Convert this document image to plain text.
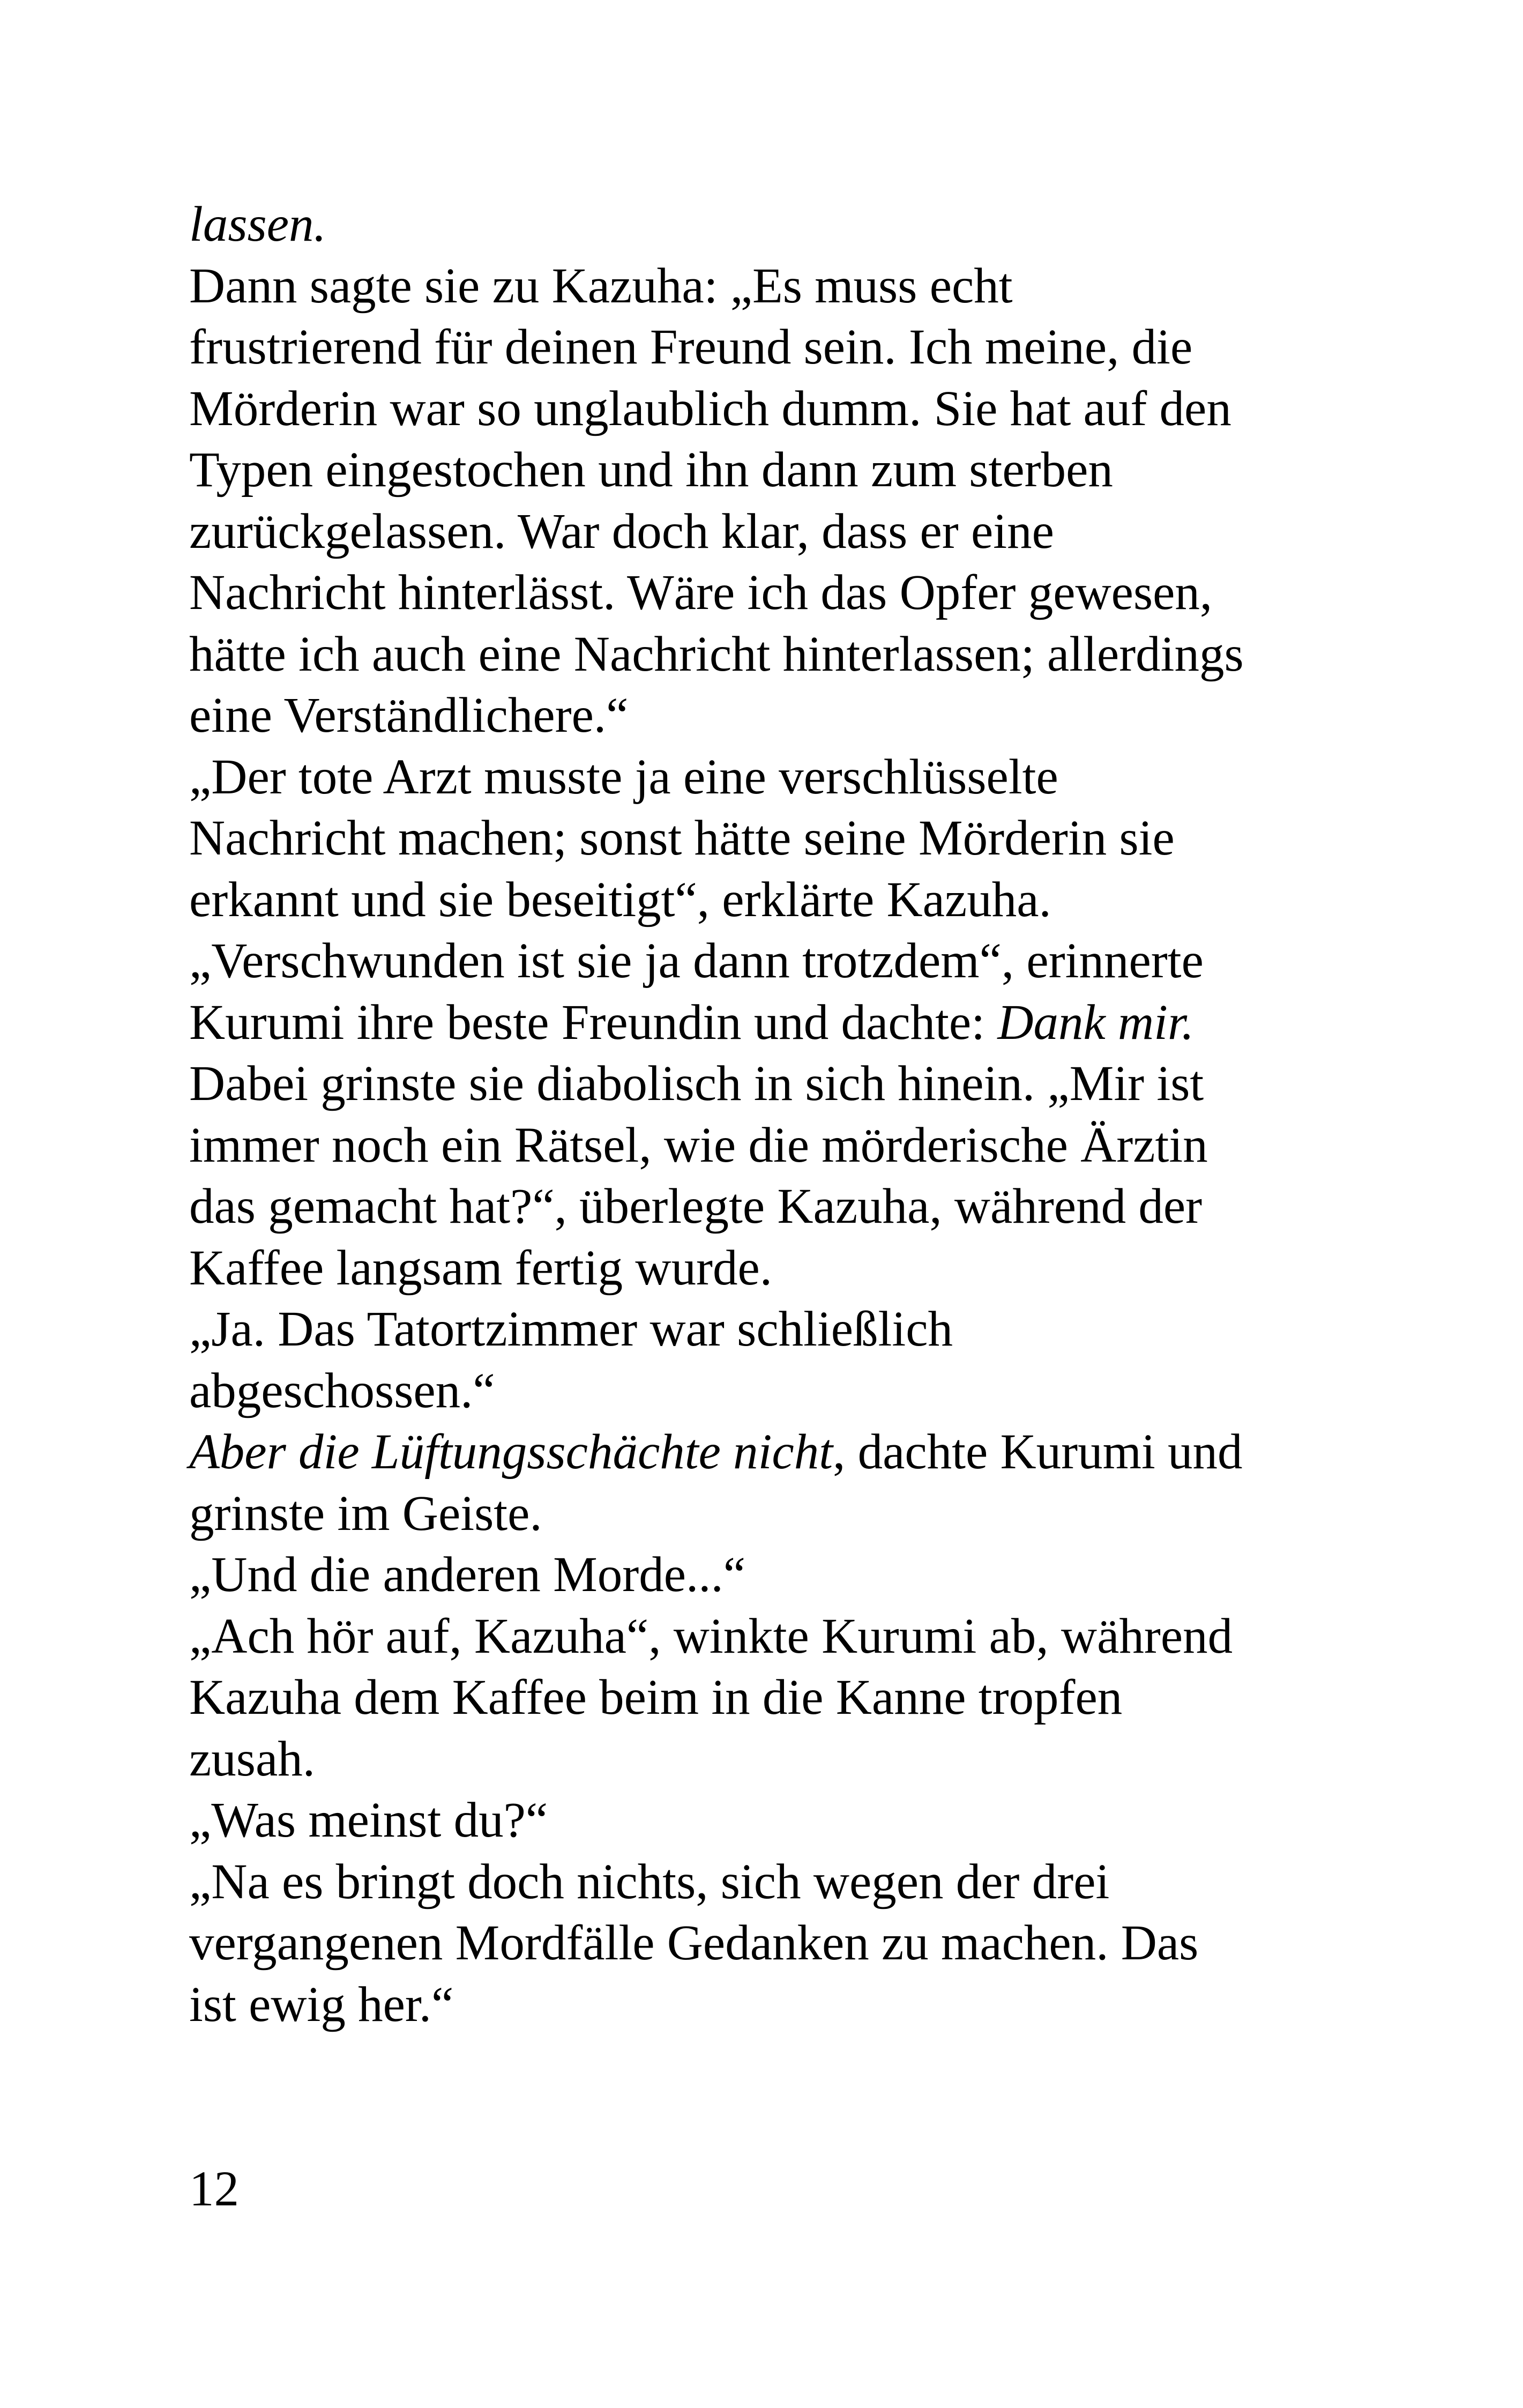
lassen.
Dann sagte sie zu Kazuha: „Es muss echt
frustrierend für deinen Freund sein. Ich meine, die
Mörderin war so unglaublich dumm. Sie hat auf den
Typen eingestochen und ihn dann zum sterben
zurückgelassen. War doch klar, dass er eine
Nachricht hinterlässt. Wäre ich das Opfer gewesen,
hätte ich auch eine Nachricht hinterlassen; allerdings
eine Verständlichere.“
„Der tote Arzt musste ja eine verschlüsselte
Nachricht machen; sonst hätte seine Mörderin sie
erkannt und sie beseitigt“, erklärte Kazuha.
„Verschwunden ist sie ja dann trotzdem“, erinnerte
Kurumi ihre beste Freundin und dachte: Dank mir.
Dabei grinste sie diabolisch in sich hinein. „Mir ist
immer noch ein Rätsel, wie die mörderische Ärztin
das gemacht hat?“, überlegte Kazuha, während der
Kaffee langsam fertig wurde.
„Ja. Das Tatortzimmer war schließlich
abgeschossen.“
Aber die Lüftungsschächte nicht, dachte Kurumi und
grinste im Geiste.
„Und die anderen Morde...“
„Ach hör auf, Kazuha“, winkte Kurumi ab, während
Kazuha dem Kaffee beim in die Kanne tropfen
zusah.
„Was meinst du?“
„Na es bringt doch nichts, sich wegen der drei
vergangenen Mordfälle Gedanken zu machen. Das
ist ewig her.“
12
